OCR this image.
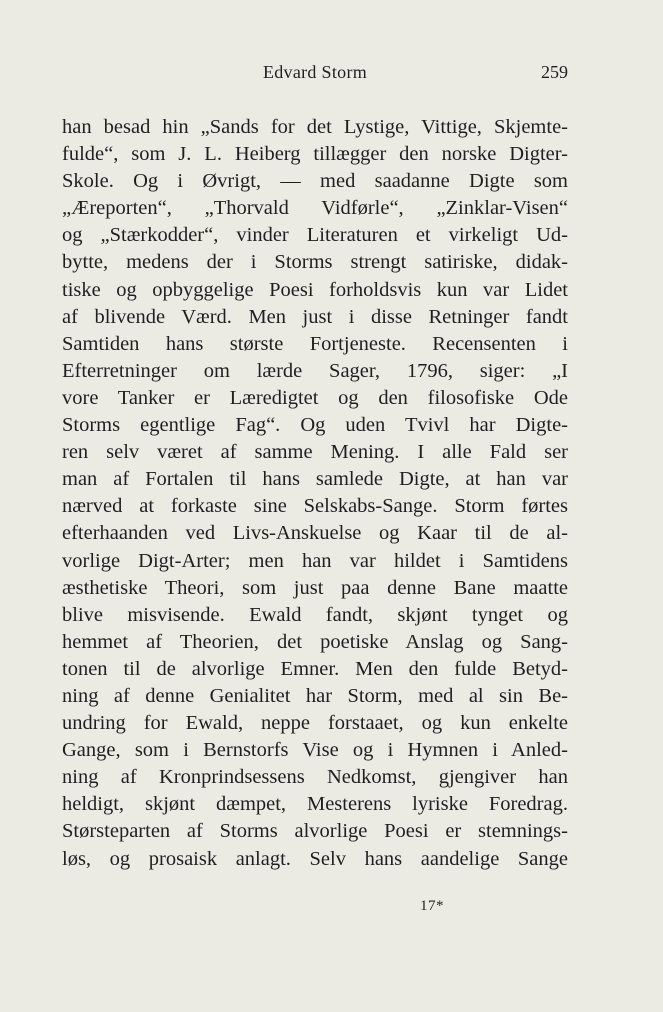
Edvard Storm	259
han besad hin „Sands for det Lystige, Vittige, Skjemte-
fulde“, som J. L. Heiberg tillægger den norske Digter-
Skole. Og i Øvrigt, — med saadanne Digte som
„Æreporten“, „Thorvald Vidførle“, „Zinklar-Visen“
og „Stærkodder“, vinder Literaturen et virkeligt Ud-
bytte, medens der i Storms strengt satiriske, didak-
tiske og opbyggelige Poesi forholdsvis kun var Lidet
af blivende Værd. Men just i disse Retninger fandt
Samtiden hans største Fortjeneste. Recensenten i
Efterretninger om lærde Sager, 1796, siger: „I
vore Tanker er Læredigtet og den filosofiske Ode
Storms egentlige Fag“. Og uden Tvivl har Digte-
ren selv været af samme Mening. I alle Fald ser
man af Fortalen til hans samlede Digte, at han var
nærved at forkaste sine Selskabs-Sange. Storm førtes
efterhaanden ved Livs-Anskuelse og Kaar til de al-
vorlige Digt-Arter; men han var hildet i Samtidens
æsthetiske Theori, som just paa denne Bane maatte
blive misvisende. Ewald fandt, skjønt tynget og
hemmet af Theorien, det poetiske Anslag og Sang-
tonen til de alvorlige Emner. Men den fulde Betyd-
ning af denne Genialitet har Storm, med al sin Be-
undring for Ewald, neppe forstaaet, og kun enkelte
Gange, som i Bernstorfs Vise og i Hymnen i Anled-
ning af Kronprindsessens Nedkomst, gjengiver han
heldigt, skjønt dæmpet, Mesterens lyriske Foredrag.
Størsteparten af Storms alvorlige Poesi er stemnings-
løs, og prosaisk anlagt. Selv hans aandelige Sange
17*
